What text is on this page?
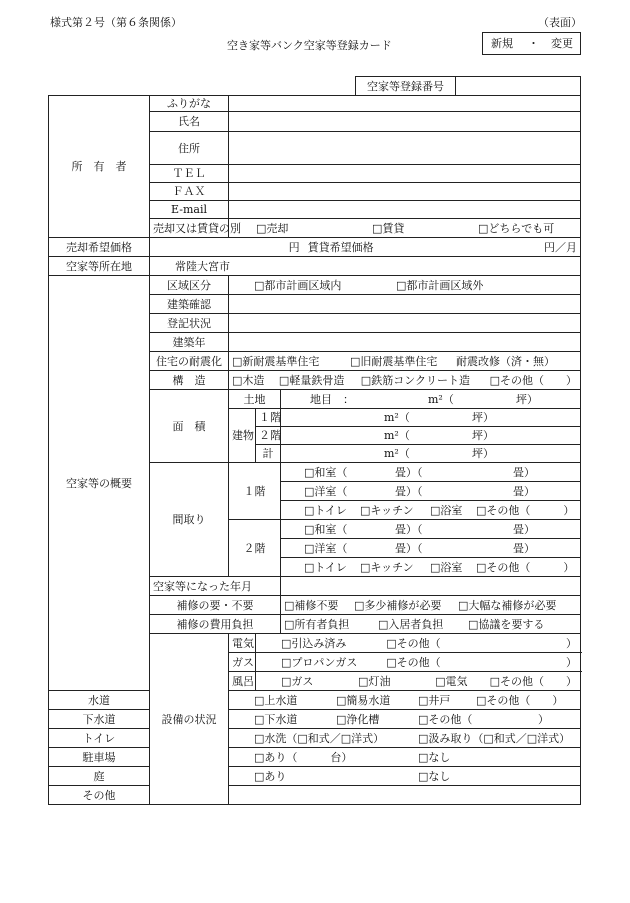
様式第２号（第６条関係）	（表面）
空き家等バンク空家等登録カード	新規 ・ 変更
空家等登録番号
所　有　者	ふりがな			
	氏名			
	住所			
	ＴＥＬ			
	ＦＡＸ			
	E-mail			
	売却又は賃貸の別	□売却 □賃貸 □どちらでも可		

売却希望価格	円 賃貸希望価格 円／月			

空家等所在地	常陸大宮市			
空家等の概要	区域区分	□都市計画区域内 □都市計画区域外		

	建築確認			
	登記状況			
	建築年			
	住宅の耐震化	□新耐震基準住宅 □旧耐震基準住宅 耐震改修（済・無）		

	構　造	□木造 □軽量鉄骨造 □鉄筋コンクリート造 □その他（　　）		

	面　積	土地		地目　： m²（ 坪）

		建物	１階	m²（ 坪）

			２階	m²（ 坪）

			計	m²（ 坪）

	間取り	１階		□和室（ 畳）（ 畳）

				□洋室（ 畳）（ 畳）

				□トイレ □キッチン □浴室 □その他（　　　）

		２階		□和室（ 畳）（ 畳）

				□洋室（ 畳）（ 畳）

				□トイレ □キッチン □浴室 □その他（　　　）

	空家等になった年月			
	補修の要・不要			□補修不要 □多少補修が必要 □大幅な補修が必要

	補修の費用負担			□所有者負担 □入居者負担 □協議を要する

	設備の状況	電気	□引込み済み □その他（ ）	

		ガス	□プロパンガス □その他（ ）	

		風呂	□ガス □灯油 □電気 □その他（　　）	

水道		□上水道 □簡易水道 □井戸 □その他（　　）		

下水道		□下水道 □浄化槽 □その他（ ）		

トイレ		□水洗（□和式／□洋式） □汲み取り（□和式／□洋式）		

駐車場		□あり（　　　台） □なし		

庭		□あり □なし		

その他				
